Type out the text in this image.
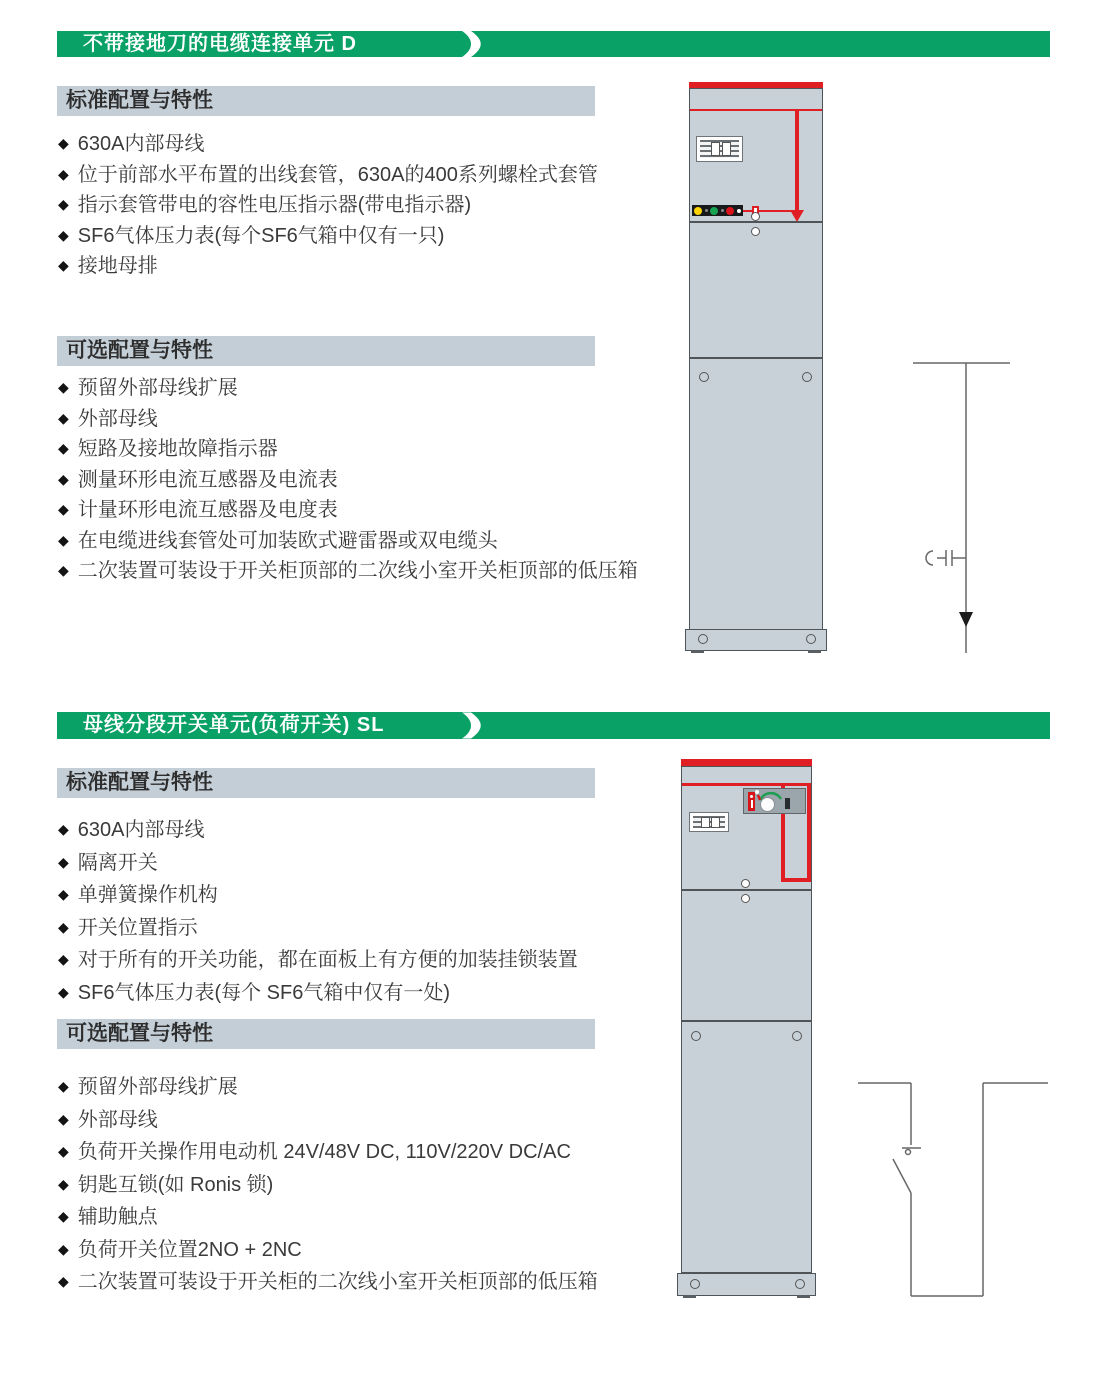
不带接地刀的电缆连接单元 D
标准配置与特性
◆ 630A内部母线
◆ 位于前部水平布置的出线套管，630A的400系列螺栓式套管
◆ 指示套管带电的容性电压指示器(带电指示器)
◆ SF6气体压力表(每个SF6气箱中仅有一只)
◆ 接地母排
可选配置与特性
◆ 预留外部母线扩展
◆ 外部母线
◆ 短路及接地故障指示器
◆ 测量环形电流互感器及电流表
◆ 计量环形电流互感器及电度表
◆ 在电缆进线套管处可加装欧式避雷器或双电缆头
◆ 二次装置可装设于开关柜顶部的二次线小室开关柜顶部的低压箱
母线分段开关单元(负荷开关) SL
标准配置与特性
◆ 630A内部母线
◆ 隔离开关
◆ 单弹簧操作机构
◆ 开关位置指示
◆ 对于所有的开关功能，都在面板上有方便的加装挂锁装置
◆ SF6气体压力表(每个 SF6气箱中仅有一处)
可选配置与特性
◆ 预留外部母线扩展
◆ 外部母线
◆ 负荷开关操作用电动机 24V/48V DC, 110V/220V DC/AC
◆ 钥匙互锁(如 Ronis 锁)
◆ 辅助触点
◆ 负荷开关位置2NO + 2NC
◆ 二次装置可装设于开关柜的二次线小室开关柜顶部的低压箱
